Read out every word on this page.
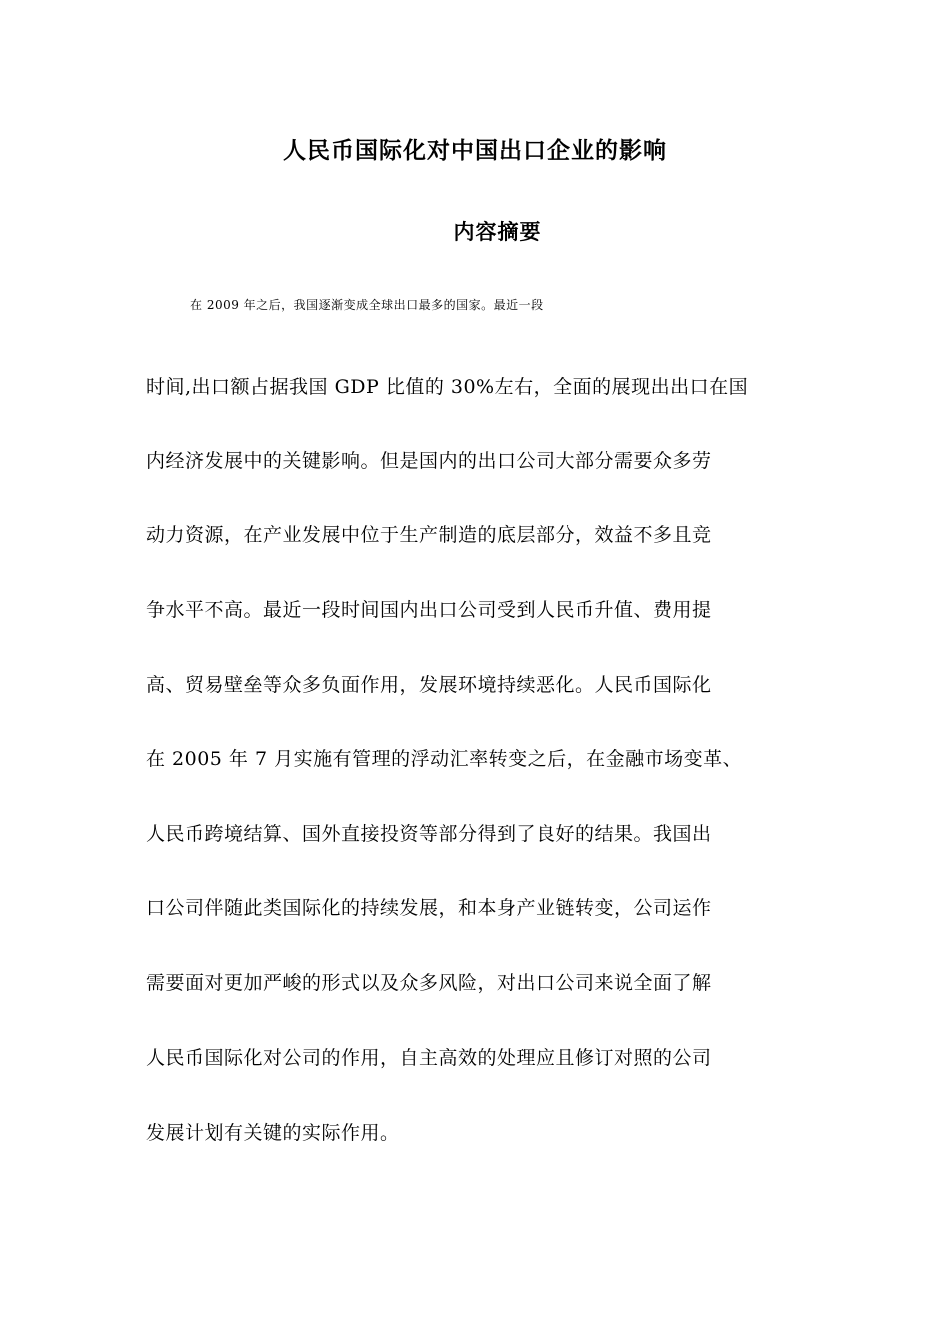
人民币国际化对中国出口企业的影响
内容摘要
在 2009 年之后，我国逐渐变成全球出口最多的国家。最近一段
时间,出口额占据我国 GDP 比值的 30%左右，全面的展现出出口在国
内经济发展中的关键影响。但是国内的出口公司大部分需要众多劳
动力资源，在产业发展中位于生产制造的底层部分，效益不多且竞
争水平不高。最近一段时间国内出口公司受到人民币升值、费用提
高、贸易壁垒等众多负面作用，发展环境持续恶化。人民币国际化
在 2005 年 7 月实施有管理的浮动汇率转变之后，在金融市场变革、
人民币跨境结算、国外直接投资等部分得到了良好的结果。我国出
口公司伴随此类国际化的持续发展，和本身产业链转变，公司运作
需要面对更加严峻的形式以及众多风险，对出口公司来说全面了解
人民币国际化对公司的作用，自主高效的处理应且修订对照的公司
发展计划有关键的实际作用。
